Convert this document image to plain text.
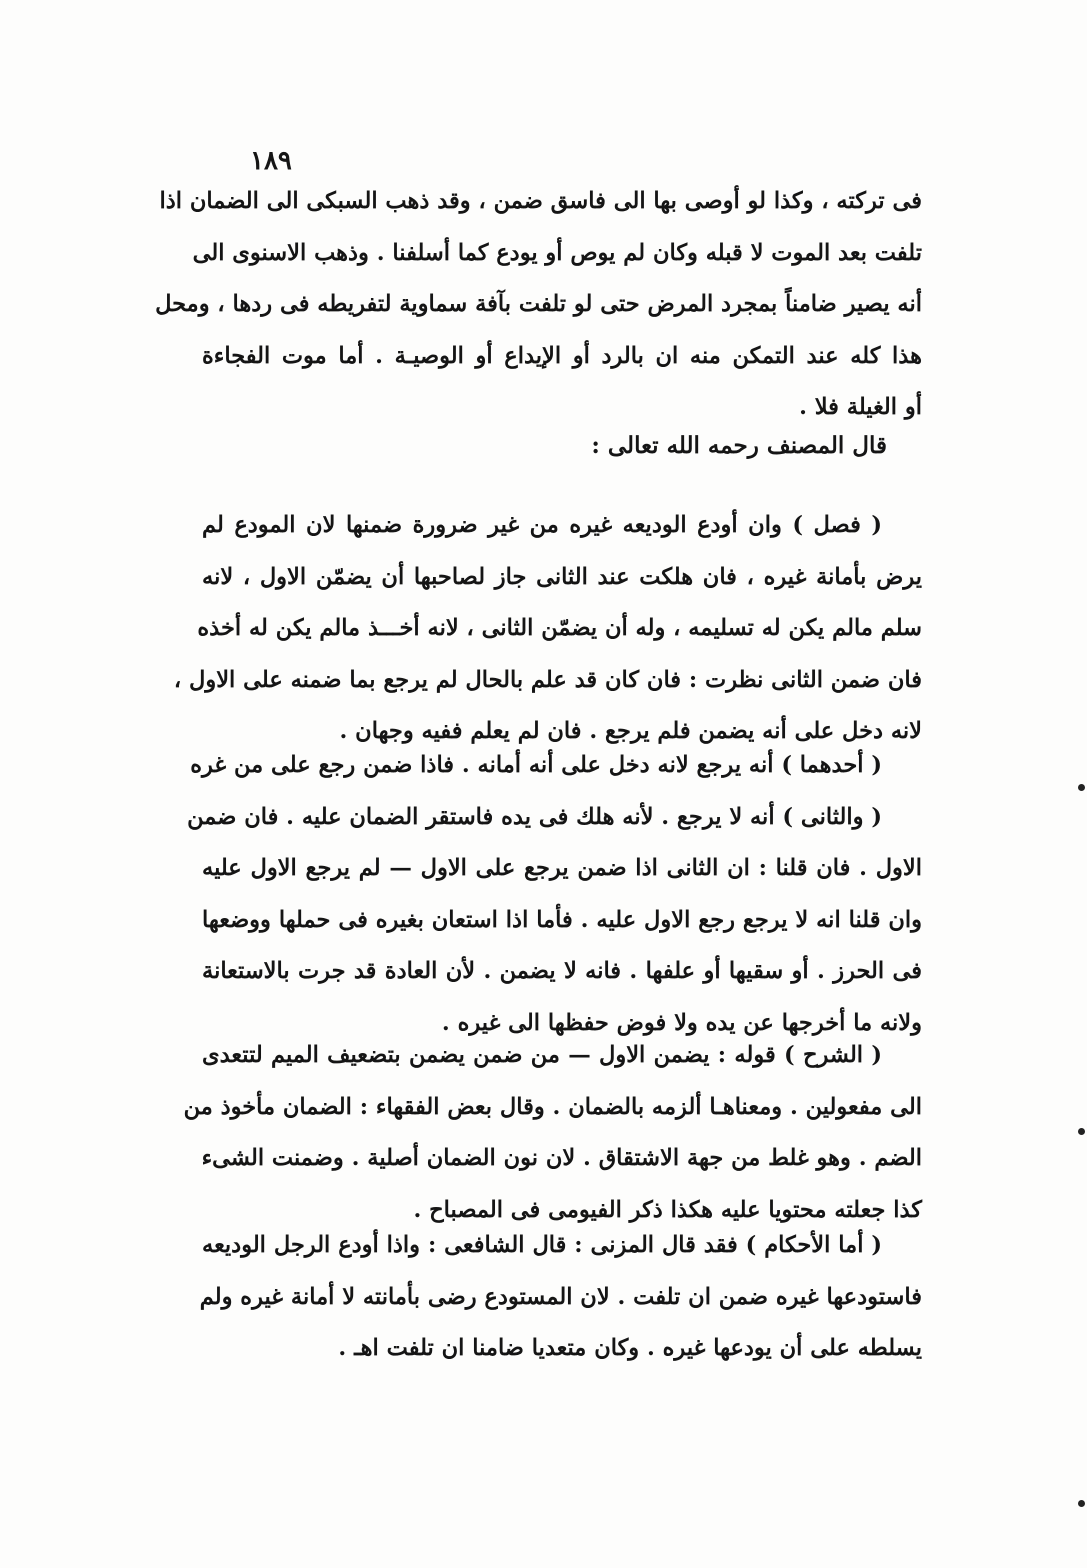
١٨٩
فى تركته ، وكذا لو أوصى بها الى فاسق ضمن ، وقد ذهب السبكى الى الضمان اذا
تلفت بعد الموت لا قبله وكان لم يوص أو يودع كما أسلفنا . وذهب الاسنوى الى
أنه يصير ضامناً بمجرد المرض حتى لو تلفت بآفة سماوية لتفريطه فى ردها ، ومحل
هذا كله عند التمكن منه ان بالرد أو الإيداع أو الوصيـة . أما موت الفجاءة
أو الغيلة فلا .
قال المصنف رحمه الله تعالى :
( فصل ) وان أودع الوديعه غيره من غير ضرورة ضمنها لان المودع لم
يرض بأمانة غيره ، فان هلكت عند الثانى جاز لصاحبها أن يضمّن الاول ، لانه
سلم مالم يكن له تسليمه ، وله أن يضمّن الثانى ، لانه أخـــذ مالم يكن له أخذه
فان ضمن الثانى نظرت : فان كان قد علم بالحال لم يرجع بما ضمنه على الاول ،
لانه دخل على أنه يضمن فلم يرجع . فان لم يعلم ففيه وجهان .
( أحدهما ) أنه يرجع لانه دخل على أنه أمانه . فاذا ضمن رجع على من غره
( والثانى ) أنه لا يرجع . لأنه هلك فى يده فاستقر الضمان عليه . فان ضمن
الاول . فان قلنا : ان الثانى اذا ضمن يرجع على الاول — لم يرجع الاول عليه
وان قلنا انه لا يرجع رجع الاول عليه . فأما اذا استعان بغيره فى حملها ووضعها
فى الحرز . أو سقيها أو علفها . فانه لا يضمن . لأن العادة قد جرت بالاستعانة
ولانه ما أخرجها عن يده ولا فوض حفظها الى غيره .
( الشرح ) قوله : يضمن الاول — من ضمن يضمن بتضعيف الميم لتتعدى
الى مفعولين . ومعناهـا ألزمه بالضمان . وقال بعض الفقهاء : الضمان مأخوذ من
الضم . وهو غلط من جهة الاشتقاق . لان نون الضمان أصلية . وضمنت الشىء
كذا جعلته محتويا عليه هكذا ذكر الفيومى فى المصباح .
( أما الأحكام ) فقد قال المزنى : قال الشافعى : واذا أودع الرجل الوديعه
فاستودعها غيره ضمن ان تلفت . لان المستودع رضى بأمانته لا أمانة غيره ولم
يسلطه على أن يودعها غيره . وكان متعديا ضامنا ان تلفت اهـ .
